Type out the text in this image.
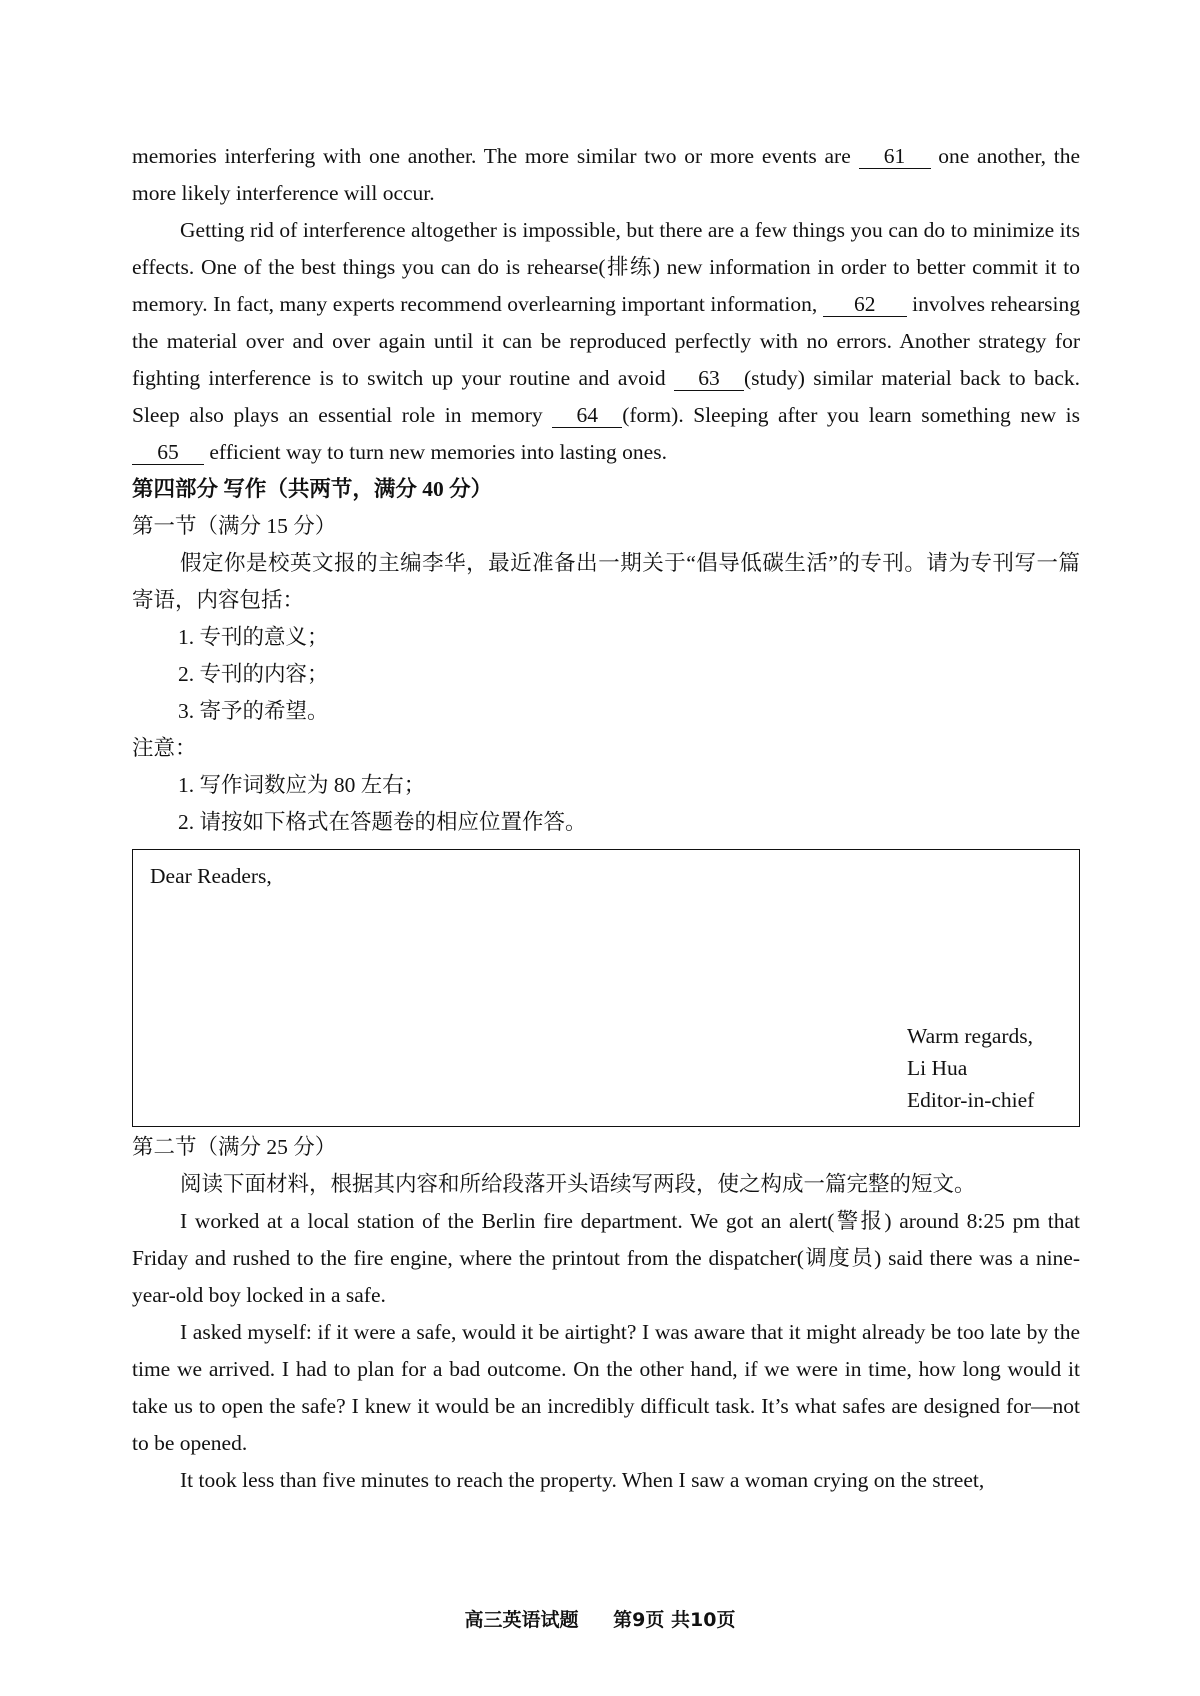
memories interfering with one another. The more similar two or more events are 61 one another, the more likely interference will occur.

Getting rid of interference altogether is impossible, but there are a few things you can do to minimize its effects. One of the best things you can do is rehearse(排练) new information in order to better commit it to memory. In fact, many experts recommend overlearning important information, 62 involves rehearsing the material over and over again until it can be reproduced perfectly with no errors. Another strategy for fighting interference is to switch up your routine and avoid 63 (study) similar material back to back. Sleep also plays an essential role in memory 64 (form). Sleeping after you learn something new is 65 efficient way to turn new memories into lasting ones.

第四部分 写作（共两节，满分 40 分）

第一节（满分 15 分）

假定你是校英文报的主编李华，最近准备出一期关于“倡导低碳生活”的专刊。请为专刊写一篇寄语，内容包括：

1. 专刊的意义；

2. 专刊的内容；

3. 寄予的希望。

注意：

1. 写作词数应为 80 左右；

2. 请按如下格式在答题卷的相应位置作答。

Dear Readers,
Warm regards,
Li Hua
Editor-in-chief

第二节（满分 25 分）

阅读下面材料，根据其内容和所给段落开头语续写两段，使之构成一篇完整的短文。

I worked at a local station of the Berlin fire department. We got an alert(警报) around 8:25 pm that Friday and rushed to the fire engine, where the printout from the dispatcher(调度员) said there was a nine-year-old boy locked in a safe.

I asked myself: if it were a safe, would it be airtight? I was aware that it might already be too late by the time we arrived. I had to plan for a bad outcome. On the other hand, if we were in time, how long would it take us to open the safe? I knew it would be an incredibly difficult task. It’s what safes are designed for—not to be opened.

It took less than five minutes to reach the property. When I saw a woman crying on the street,

高三英语试题 第9页 共10页
